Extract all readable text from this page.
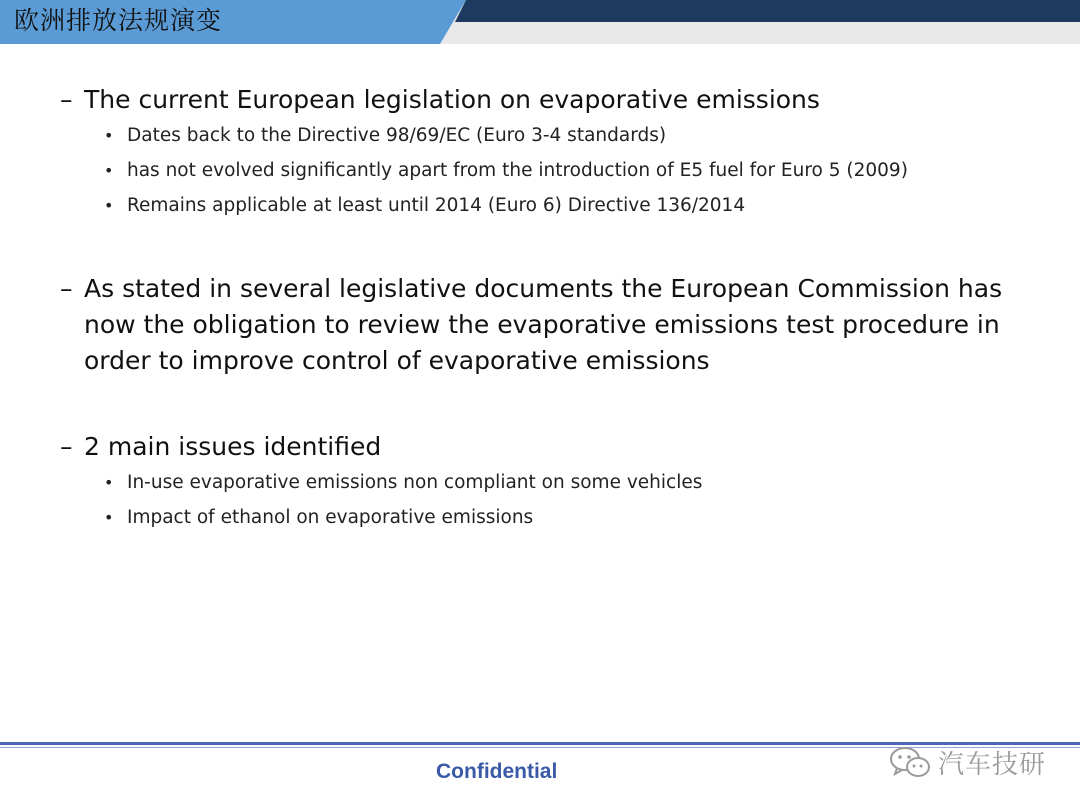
欧洲排放法规演变
– The current European legislation on evaporative emissions
• Dates back to the Directive 98/69/EC (Euro 3-4 standards)
• has not evolved significantly apart from the introduction of E5 fuel for Euro 5 (2009)
• Remains applicable at least until 2014 (Euro 6) Directive 136/2014
– As stated in several legislative documents the European Commission has now the obligation to review the evaporative emissions test procedure in order to improve control of evaporative emissions
– 2 main issues identified
• In-use evaporative emissions non compliant on some vehicles
• Impact of ethanol on evaporative emissions
Confidential	汽车技研
